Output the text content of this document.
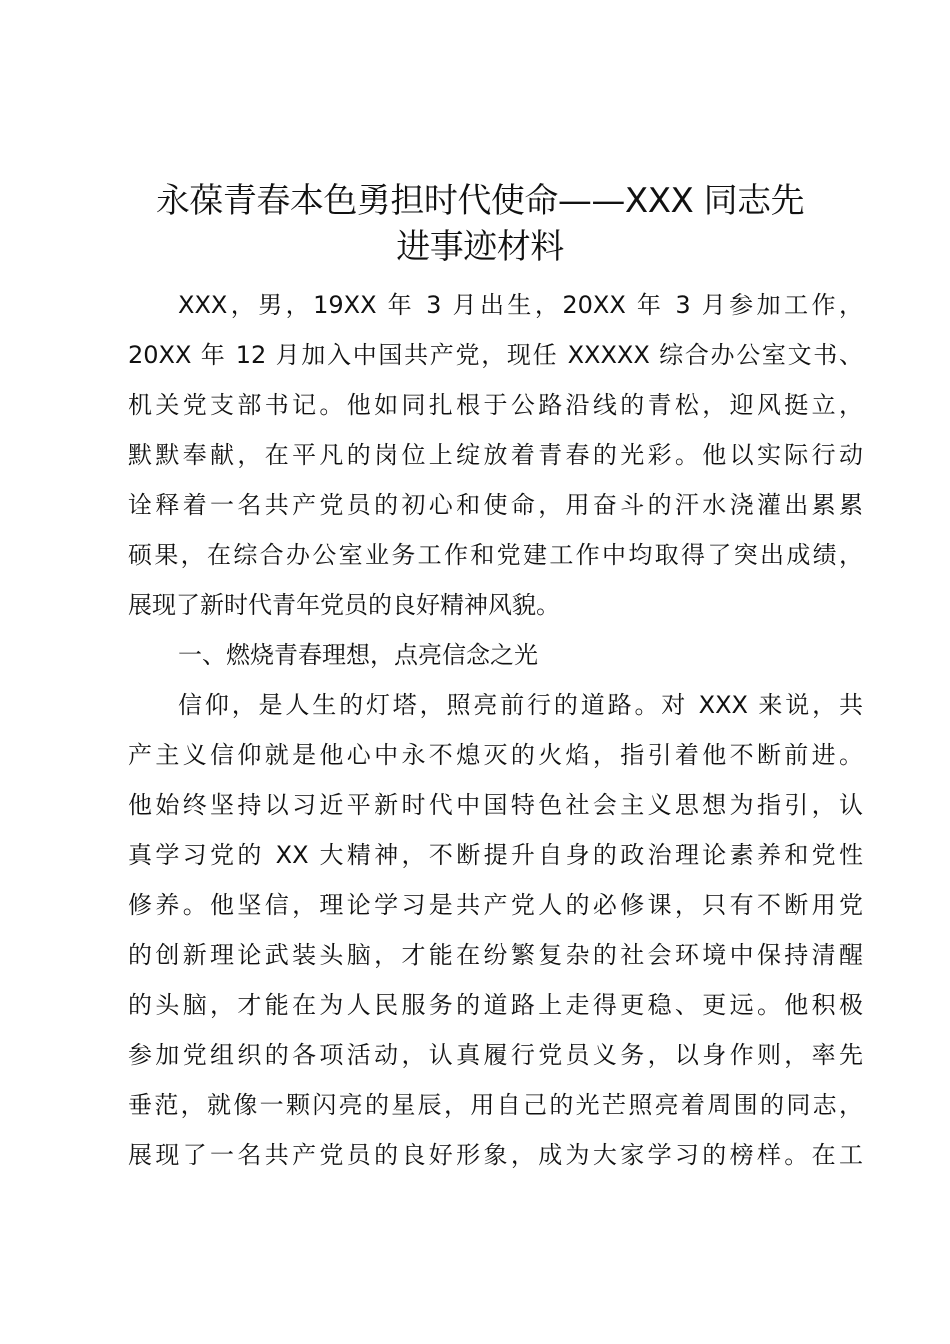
永葆青春本色勇担时代使命——XXX 同志先
进事迹材料
XXX，男，19XX 年 3 月出生，20XX 年 3 月参加工作，
20XX 年 12 月加入中国共产党，现任 XXXXX 综合办公室文书、
机关党支部书记。他如同扎根于公路沿线的青松，迎风挺立，
默默奉献，在平凡的岗位上绽放着青春的光彩。他以实际行动
诠释着一名共产党员的初心和使命，用奋斗的汗水浇灌出累累
硕果，在综合办公室业务工作和党建工作中均取得了突出成绩，
展现了新时代青年党员的良好精神风貌。
一、燃烧青春理想，点亮信念之光
信仰，是人生的灯塔，照亮前行的道路。对 XXX 来说，共
产主义信仰就是他心中永不熄灭的火焰，指引着他不断前进。
他始终坚持以习近平新时代中国特色社会主义思想为指引，认
真学习党的 XX 大精神，不断提升自身的政治理论素养和党性
修养。他坚信，理论学习是共产党人的必修课，只有不断用党
的创新理论武装头脑，才能在纷繁复杂的社会环境中保持清醒
的头脑，才能在为人民服务的道路上走得更稳、更远。他积极
参加党组织的各项活动，认真履行党员义务，以身作则，率先
垂范，就像一颗闪亮的星辰，用自己的光芒照亮着周围的同志，
展现了一名共产党员的良好形象，成为大家学习的榜样。在工
